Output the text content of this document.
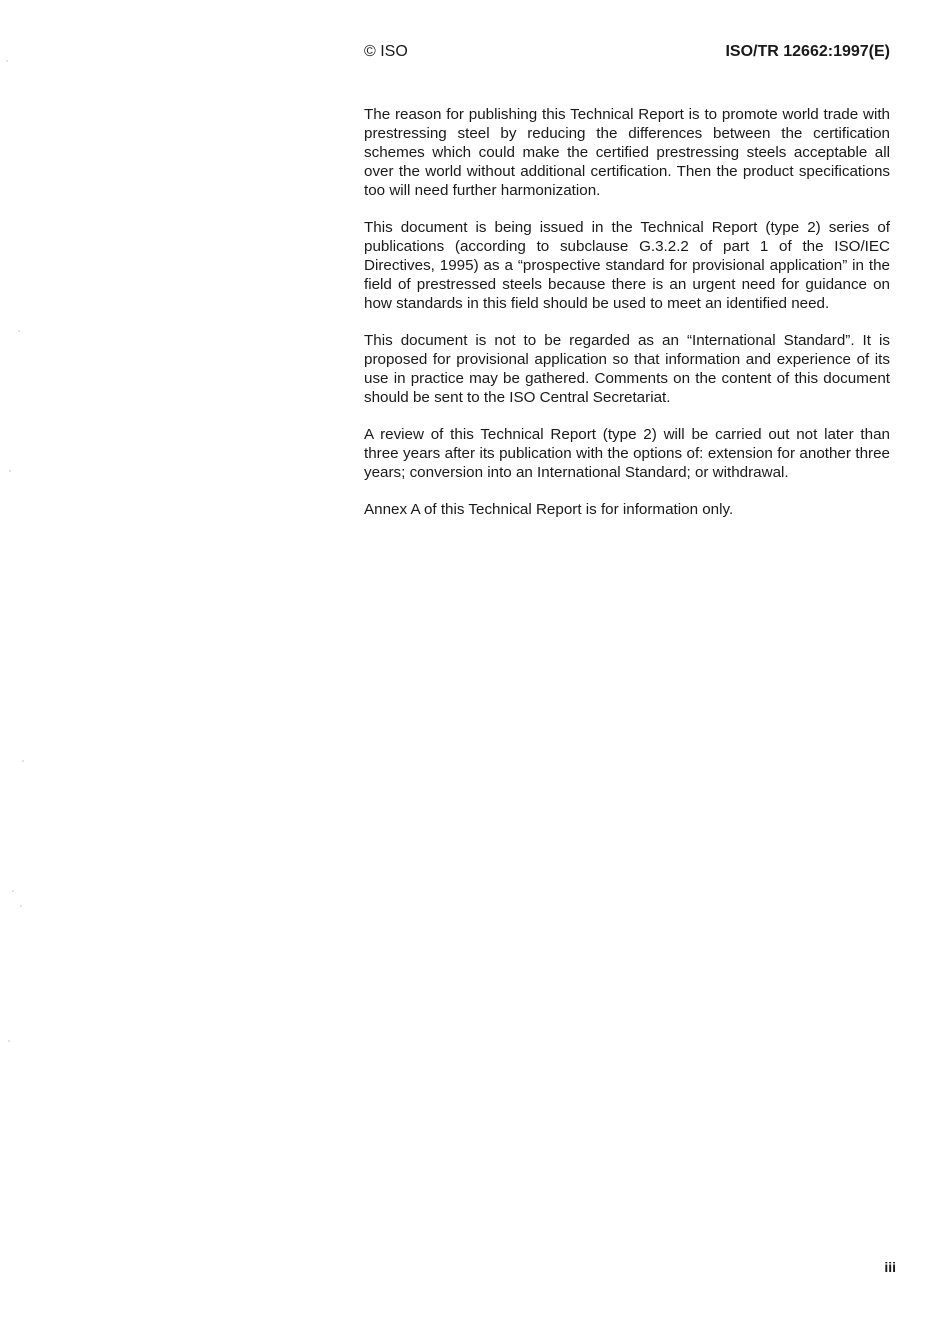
© ISO	ISO/TR 12662:1997(E)

The reason for publishing this Technical Report is to promote world trade with prestressing steel by reducing the differences between the certification schemes which could make the certified prestressing steels acceptable all over the world without additional certification. Then the product specifications too will need further harmonization.

This document is being issued in the Technical Report (type 2) series of publications (according to subclause G.3.2.2 of part 1 of the ISO/IEC Directives, 1995) as a “prospective standard for provisional application” in the field of prestressed steels because there is an urgent need for guidance on how standards in this field should be used to meet an identified need.

This document is not to be regarded as an “International Standard”. It is proposed for provisional application so that information and experience of its use in practice may be gathered. Comments on the content of this document should be sent to the ISO Central Secretariat.

A review of this Technical Report (type 2) will be carried out not later than three years after its publication with the options of: extension for another three years; conversion into an International Standard; or withdrawal.

Annex A of this Technical Report is for information only.

iii
